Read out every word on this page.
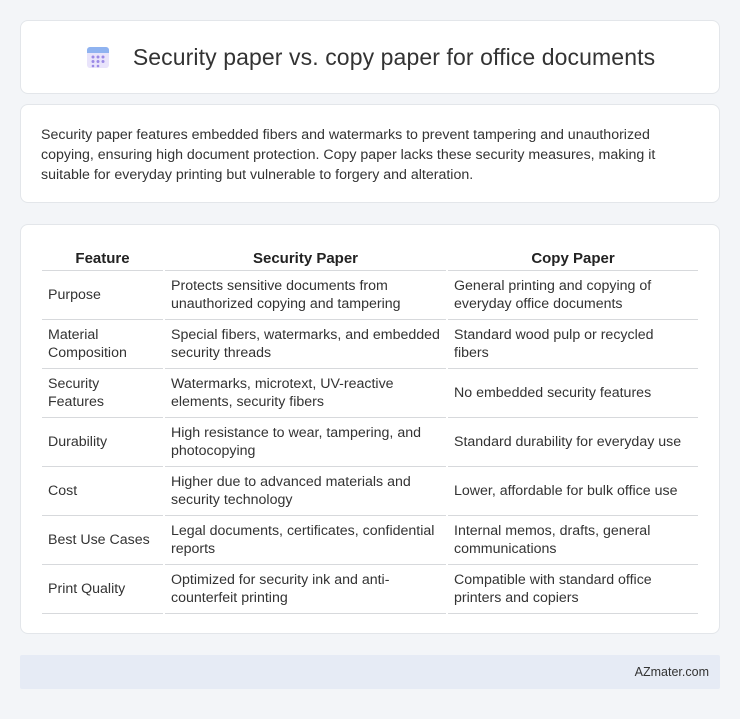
Security paper vs. copy paper for office documents

Security paper features embedded fibers and watermarks to prevent tampering and unauthorized copying, ensuring high document protection. Copy paper lacks these security measures, making it suitable for everyday printing but vulnerable to forgery and alteration.

Feature	Security Paper	Copy Paper
Purpose	Protects sensitive documents from unauthorized copying and tampering	General printing and copying of everyday office documents
Material Composition	Special fibers, watermarks, and embedded security threads	Standard wood pulp or recycled fibers
Security Features	Watermarks, microtext, UV-reactive elements, security fibers	No embedded security features
Durability	High resistance to wear, tampering, and photocopying	Standard durability for everyday use
Cost	Higher due to advanced materials and security technology	Lower, affordable for bulk office use
Best Use Cases	Legal documents, certificates, confidential reports	Internal memos, drafts, general communications
Print Quality	Optimized for security ink and anti-counterfeit printing	Compatible with standard office printers and copiers
AZmater.com
